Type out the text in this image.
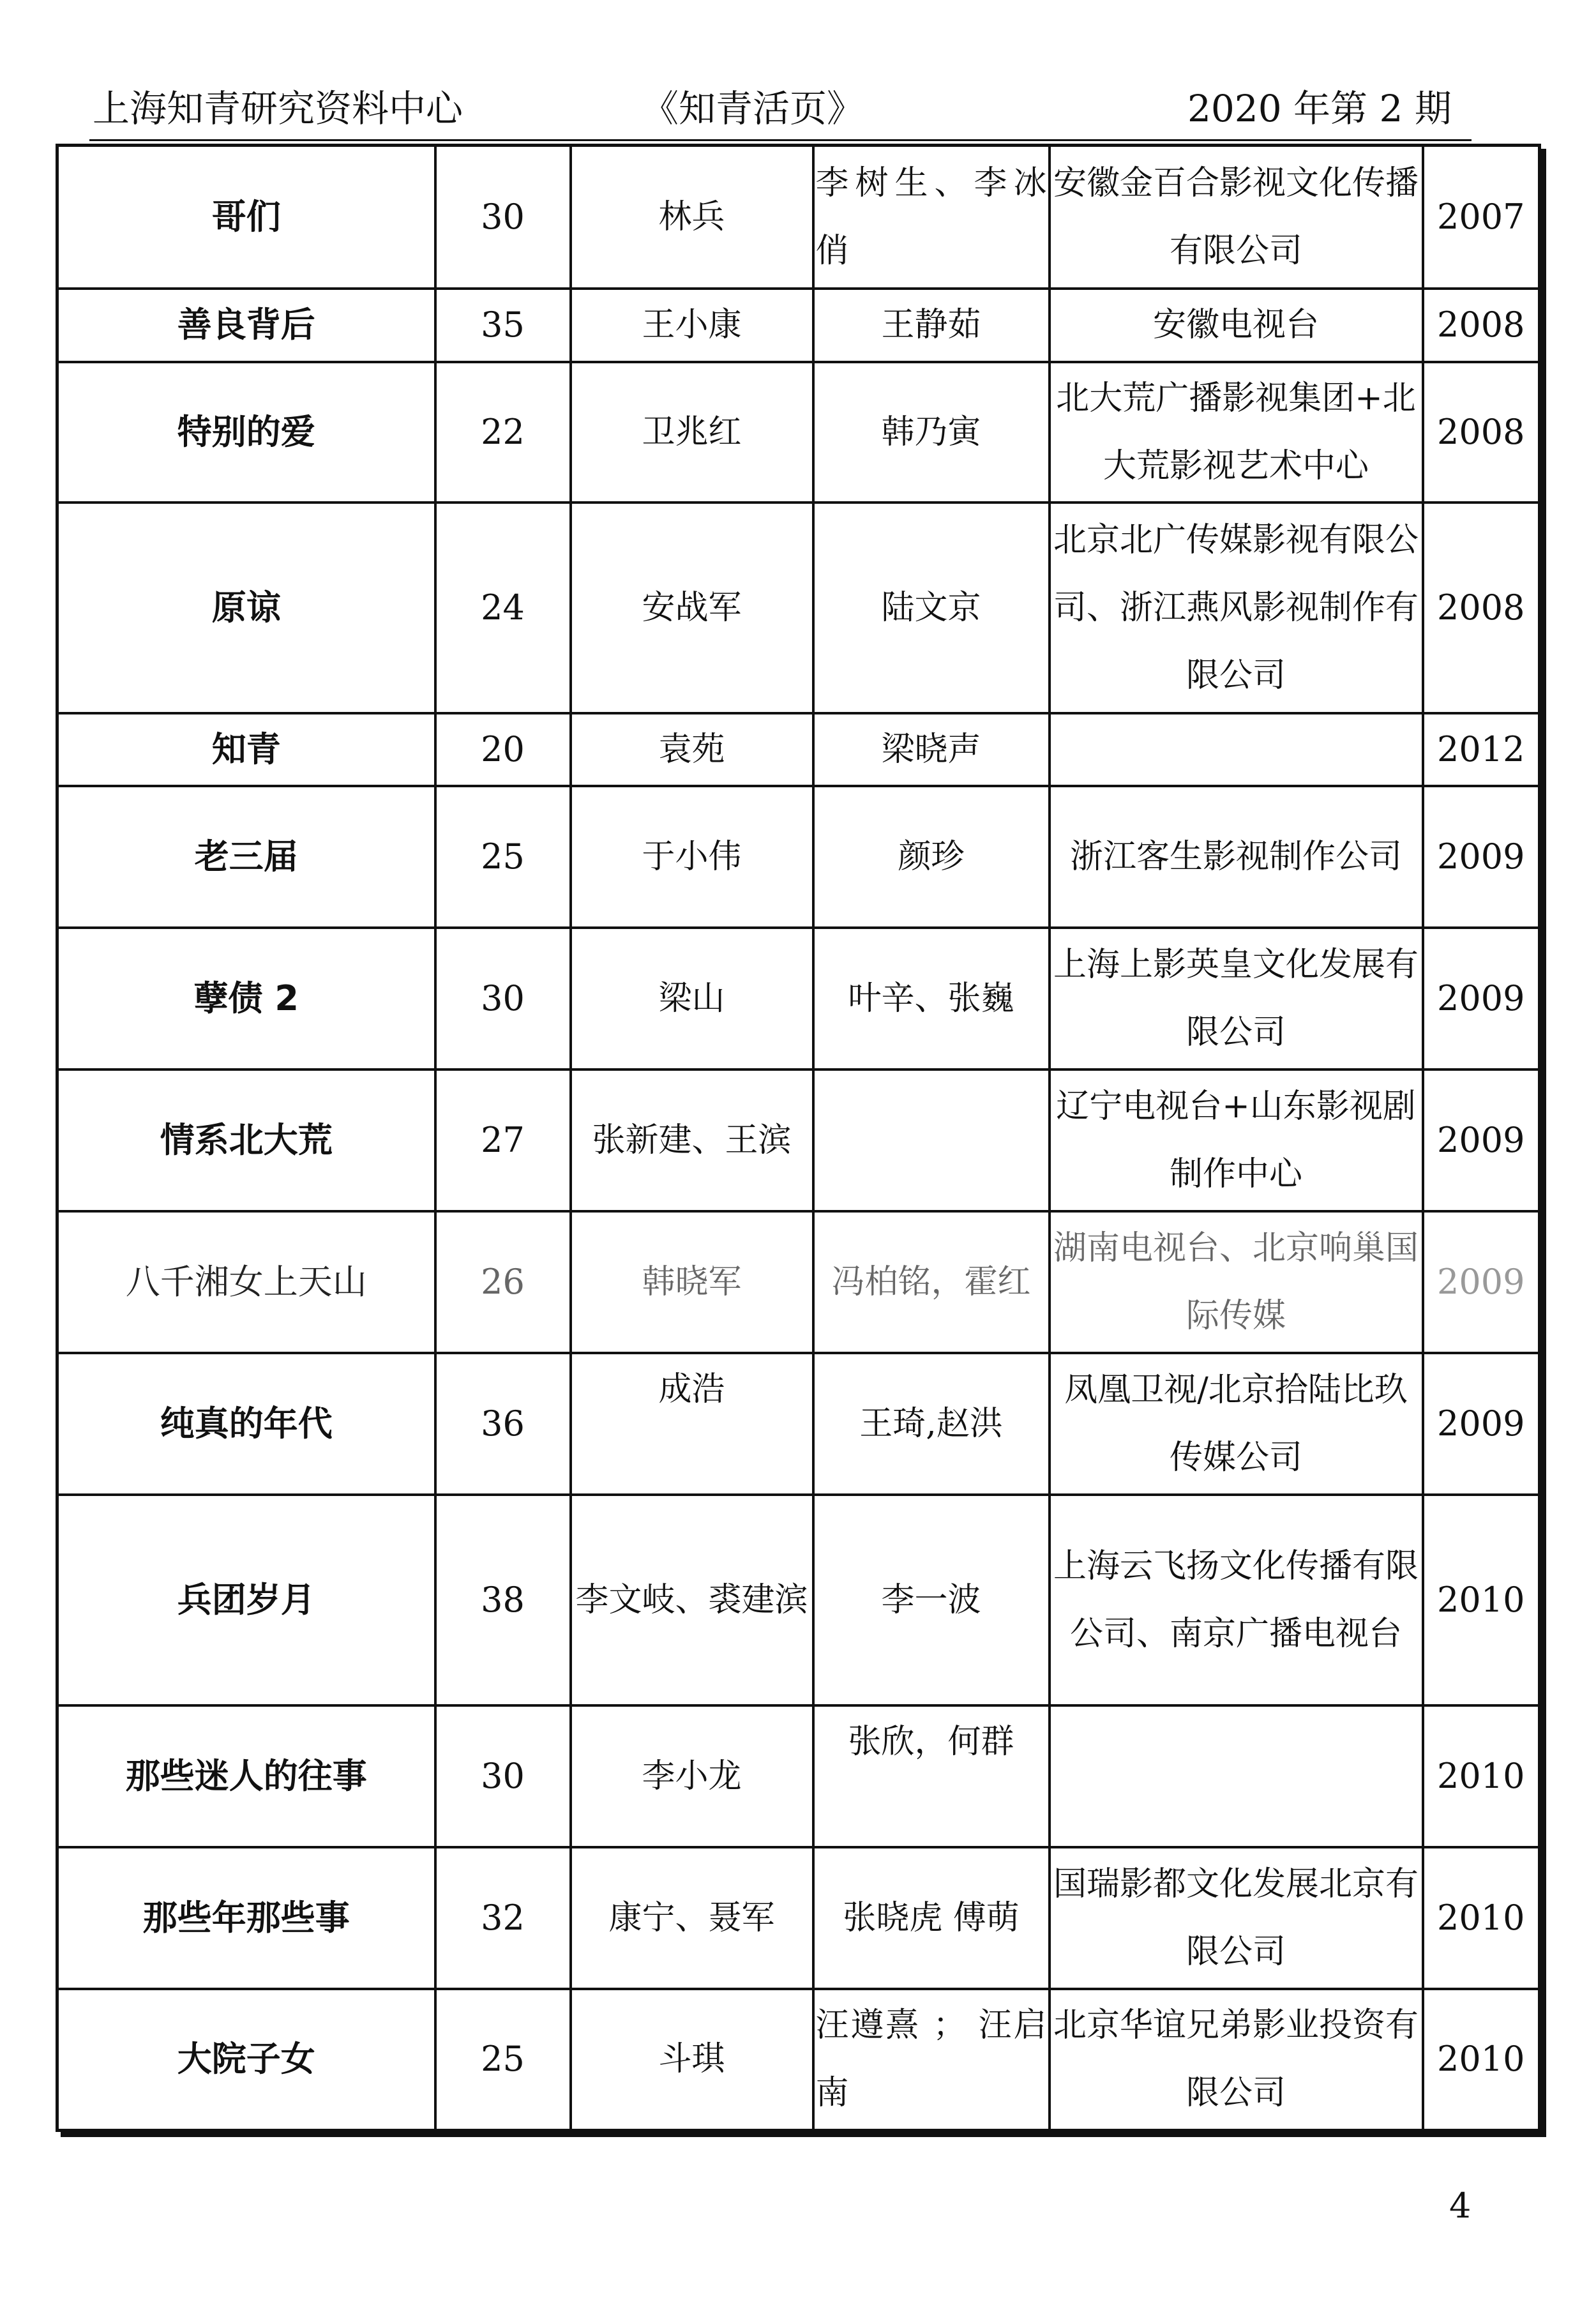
上海知青研究资料中心	《知青活页》	2020 年第 2 期
哥们	30	林兵	李树生、李冰俏	安徽金百合影视文化传播有限公司	2007
善良背后	35	王小康	王静茹	安徽电视台	2008
特别的爱	22	卫兆红	韩乃寅	北大荒广播影视集团+北大荒影视艺术中心	2008
原谅	24	安战军	陆文京	北京北广传媒影视有限公司、浙江燕风影视制作有限公司	2008
知青	20	袁苑	梁晓声		2012
老三届	25	于小伟	颜珍	浙江客生影视制作公司	2009
孽债 2	30	梁山	叶辛、张巍	上海上影英皇文化发展有限公司	2009
情系北大荒	27	张新建、王滨		辽宁电视台+山东影视剧制作中心	2009
八千湘女上天山	26	韩晓军	冯柏铭，霍红	湖南电视台、北京响巢国际传媒	2009
纯真的年代	36	成浩	王琦,赵洪	凤凰卫视/北京拾陆比玖传媒公司	2009
兵团岁月	38	李文岐、裘建滨	李一波	上海云飞扬文化传播有限公司、南京广播电视台	2010
那些迷人的往事	30	李小龙	张欣，何群		2010
那些年那些事	32	康宁、聂军	张晓虎 傅萌	国瑞影都文化发展北京有限公司	2010
大院子女	25	斗琪	汪遵熹 ； 汪启南	北京华谊兄弟影业投资有限公司	2010
4
